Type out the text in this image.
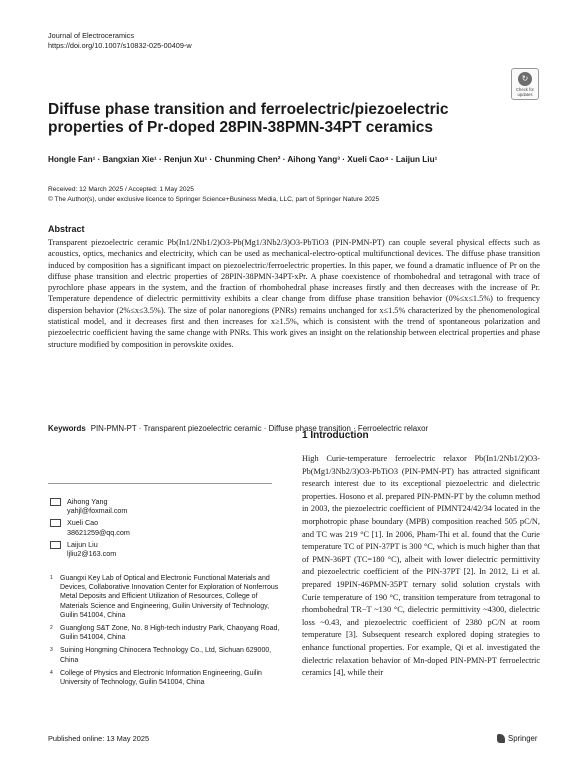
Journal of Electroceramics
https://doi.org/10.1007/s10832-025-00409-w
↻
Check for
updates
Diffuse phase transition and ferroelectric/piezoelectric properties of Pr-doped 28PIN-38PMN-34PT ceramics
Hongle Fan¹ · Bangxian Xie¹ · Renjun Xu¹ · Chunming Chen² · Aihong Yang³ · Xueli Cao⁴ · Laijun Liu¹
Received: 12 March 2025 / Accepted: 1 May 2025
© The Author(s), under exclusive licence to Springer Science+Business Media, LLC, part of Springer Nature 2025
Abstract
Transparent piezoelectric ceramic Pb(In1/2Nb1/2)O3-Pb(Mg1/3Nb2/3)O3-PbTiO3 (PIN-PMN-PT) can couple several physical effects such as acoustics, optics, mechanics and electricity, which can be used as mechanical-electro-optical multifunctional devices. The diffuse phase transition induced by composition has a significant impact on piezoelectric/ferroelectric properties. In this paper, we found a dramatic influence of Pr on the diffuse phase transition and electric properties of 28PIN-38PMN-34PT-xPr. A phase coexistence of rhombohedral and tetragonal with trace of pyrochlore phase appears in the system, and the fraction of rhombohedral phase increases firstly and then decreases with the increase of Pr. Temperature dependence of dielectric permittivity exhibits a clear change from diffuse phase transition behavior (0%≤x≤1.5%) to frequency dispersion behavior (2%≤x≤3.5%). The size of polar nanoregions (PNRs) remains unchanged for x≤1.5% characterized by the phenomenological statistical model, and it decreases first and then increases for x≥1.5%, which is consistent with the trend of spontaneous polarization and piezoelectric coefficient having the same change with PNRs. This work gives an insight on the relationship between electrical properties and phase structure modified by composition in perovskite oxides.
Keywords PIN-PMN-PT · Transparent piezoelectric ceramic · Diffuse phase transition · Ferroelectric relaxor
Aihong Yang
yahjl@foxmail.com
Xueli Cao
38621259@qq.com
Laijun Liu
ljliu2@163.com
1	Guangxi Key Lab of Optical and Electronic Functional Materials and Devices, Collaborative Innovation Center for Exploration of Nonferrous Metal Deposits and Efficient Utilization of Resources, College of Materials Science and Engineering, Guilin University of Technology, Guilin 541004, China
2	Guanglong S&T Zone, No. 8 High-tech industry Park, Chaoyang Road, Guilin 541004, China
3	Suining Hongming Chinocera Technology Co., Ltd, Sichuan 629000, China
4	College of Physics and Electronic Information Engineering, Guilin University of Technology, Guilin 541004, China
1 Introduction
High Curie-temperature ferroelectric relaxor Pb(In1/2Nb1/2)O3-Pb(Mg1/3Nb2/3)O3-PbTiO3 (PIN-PMN-PT) has attracted significant research interest due to its exceptional piezoelectric and dielectric properties. Hosono et al. prepared PIN-PMN-PT by the column method in 2003, the piezoelectric coefficient of PIMNT24/42/34 located in the morphotropic phase boundary (MPB) composition reached 505 pC/N, and TC was 219 °C [1]. In 2006, Pham-Thi et al. found that the Curie temperature TC of PIN-37PT is 300 °C, which is much higher than that of PMN-36PT (TC=180 °C), albeit with lower dielectric permittivity and piezoelectric coefficient of the PIN-37PT [2]. In 2012, Li et al. prepared 19PIN-46PMN-35PT ternary solid solution crystals with Curie temperature of 190 °C, transition temperature from tetragonal to rhombohedral TR−T ~130 °C, dielectric permittivity ~4300, dielectric loss ~0.43, and piezoelectric coefficient of 2380 pC/N at room temperature [3]. Subsequent research explored doping strategies to enhance functional properties. For example, Qi et al. investigated the dielectric relaxation behavior of Mn-doped PIN-PMN-PT ferroelectric ceramics [4], while their
Published online: 13 May 2025	Springer
